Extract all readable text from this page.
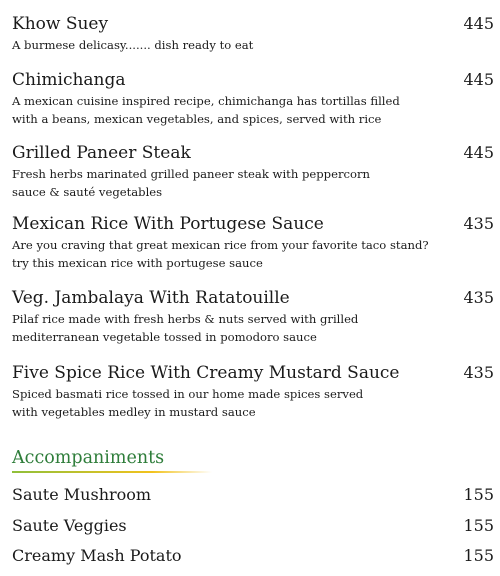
Khow Suey	445
A burmese delicasy....... dish ready to eat
Chimichanga	445
A mexican cuisine inspired recipe, chimichanga has tortillas filled
with a beans, mexican vegetables, and spices, served with rice
Grilled Paneer Steak	445
Fresh herbs marinated grilled paneer steak with peppercorn
sauce & sauté vegetables
Mexican Rice With Portugese Sauce	435
Are you craving that great mexican rice from your favorite taco stand?
try this mexican rice with portugese sauce
Veg. Jambalaya With Ratatouille	435
Pilaf rice made with fresh herbs & nuts served with grilled
mediterranean vegetable tossed in pomodoro sauce
Five Spice Rice With Creamy Mustard Sauce	435
Spiced basmati rice tossed in our home made spices served
with vegetables medley in mustard sauce
Accompaniments
Saute Mushroom	155
Saute Veggies	155
Creamy Mash Potato	155
